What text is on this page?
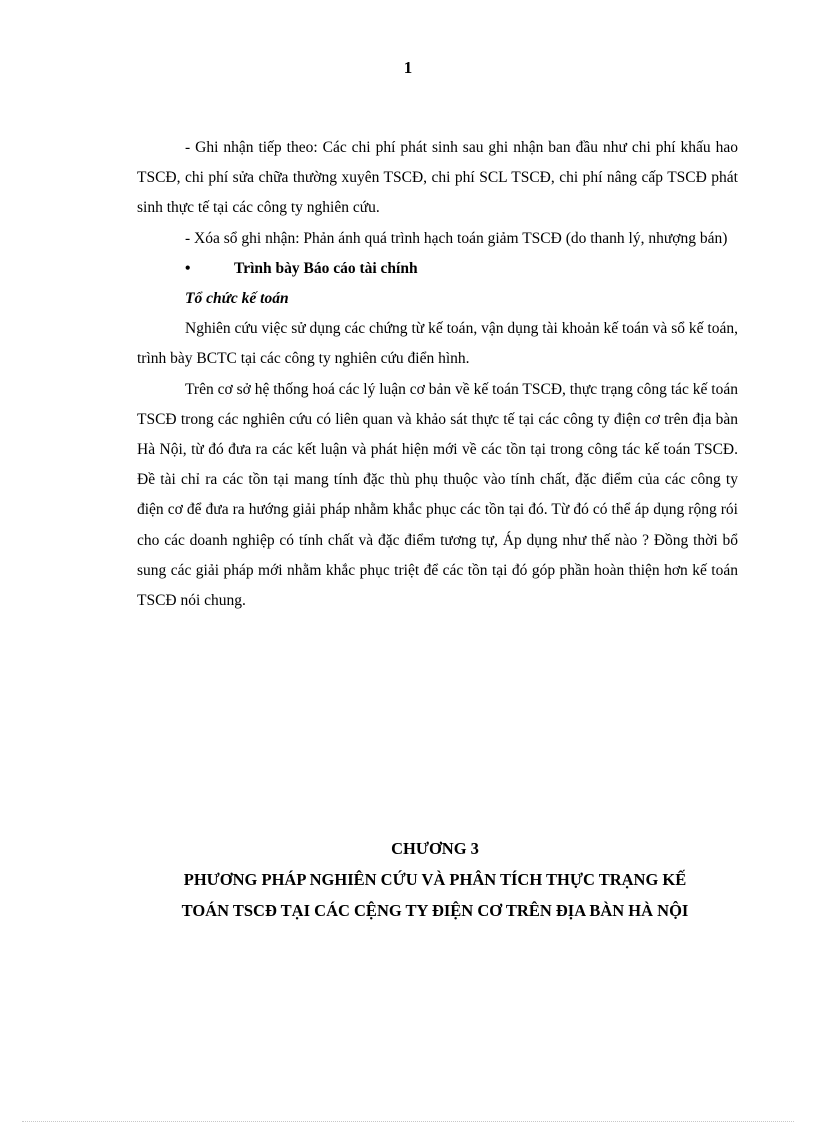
1

- Ghi nhận tiếp theo: Các chi phí phát sinh sau ghi nhận ban đầu như chi phí khấu hao TSCĐ, chi phí sửa chữa thường xuyên TSCĐ, chi phí SCL TSCĐ, chi phí nâng cấp TSCĐ phát sinh thực tế tại các công ty nghiên cứu.

- Xóa sổ ghi nhận: Phản ánh quá trình hạch toán giảm TSCĐ (do thanh lý, nhượng bán)

•	Trình bày Báo cáo tài chính

Tổ chức kế toán

Nghiên cứu việc sử dụng các chứng từ kế toán, vận dụng tài khoản kế toán và sổ kế toán, trình bày BCTC tại các công ty nghiên cứu điển hình.

Trên cơ sở hệ thống hoá các lý luận cơ bản về kế toán TSCĐ, thực trạng công tác kế toán TSCĐ trong các nghiên cứu có liên quan và khảo sát thực tế tại các công ty điện cơ trên địa bàn Hà Nội, từ đó đưa ra các kết luận và phát hiện mới về các tồn tại trong công tác kế toán TSCĐ. Đề tài chỉ ra các tồn tại mang tính đặc thù phụ thuộc vào tính chất, đặc điểm của các công ty điện cơ để đưa ra hướng giải pháp nhằm khắc phục các tồn tại đó. Từ đó có thể áp dụng rộng rói cho các doanh nghiệp có tính chất và đặc điểm tương tự, Áp dụng như thế nào ? Đồng thời bổ sung các giải pháp mới nhằm khắc phục triệt để các tồn tại đó góp phần hoàn thiện hơn kế toán TSCĐ nói chung.

CHƯƠNG 3
PHƯƠNG PHÁP NGHIÊN CỨU VÀ PHÂN TÍCH THỰC TRẠNG KẾ
TOÁN TSCĐ TẠI CÁC CỆNG TY ĐIỆN CƠ TRÊN ĐỊA BÀN HÀ NỘI
